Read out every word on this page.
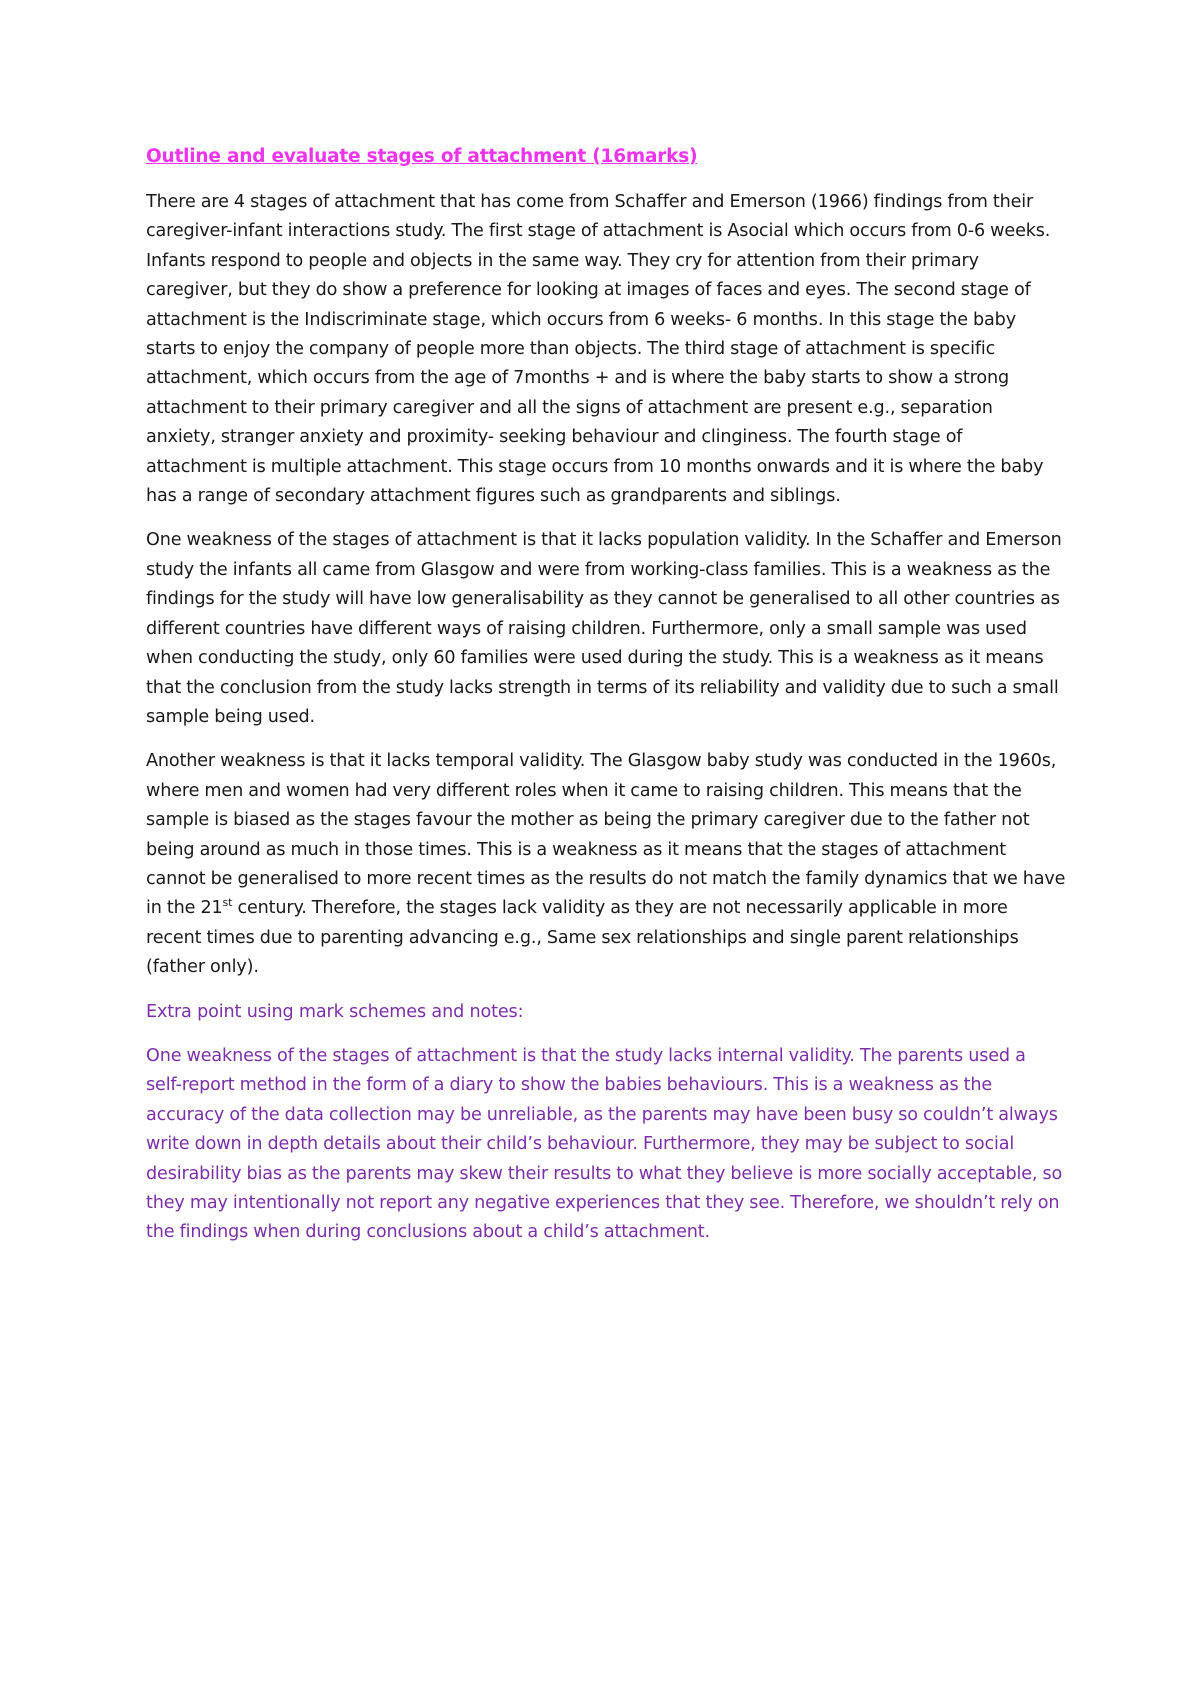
Outline and evaluate stages of attachment (16marks)

There are 4 stages of attachment that has come from Schaffer and Emerson (1966) findings from their caregiver-infant interactions study. The first stage of attachment is Asocial which occurs from 0-6 weeks. Infants respond to people and objects in the same way. They cry for attention from their primary caregiver, but they do show a preference for looking at images of faces and eyes. The second stage of attachment is the Indiscriminate stage, which occurs from 6 weeks- 6 months. In this stage the baby starts to enjoy the company of people more than objects. The third stage of attachment is specific attachment, which occurs from the age of 7months + and is where the baby starts to show a strong attachment to their primary caregiver and all the signs of attachment are present e.g., separation anxiety, stranger anxiety and proximity- seeking behaviour and clinginess. The fourth stage of attachment is multiple attachment. This stage occurs from 10 months onwards and it is where the baby has a range of secondary attachment figures such as grandparents and siblings.

One weakness of the stages of attachment is that it lacks population validity. In the Schaffer and Emerson study the infants all came from Glasgow and were from working-class families. This is a weakness as the findings for the study will have low generalisability as they cannot be generalised to all other countries as different countries have different ways of raising children. Furthermore, only a small sample was used when conducting the study, only 60 families were used during the study. This is a weakness as it means that the conclusion from the study lacks strength in terms of its reliability and validity due to such a small sample being used.

Another weakness is that it lacks temporal validity. The Glasgow baby study was conducted in the 1960s, where men and women had very different roles when it came to raising children. This means that the sample is biased as the stages favour the mother as being the primary caregiver due to the father not being around as much in those times. This is a weakness as it means that the stages of attachment cannot be generalised to more recent times as the results do not match the family dynamics that we have in the 21st century. Therefore, the stages lack validity as they are not necessarily applicable in more recent times due to parenting advancing e.g., Same sex relationships and single parent relationships (father only).

Extra point using mark schemes and notes:

One weakness of the stages of attachment is that the study lacks internal validity. The parents used a self-report method in the form of a diary to show the babies behaviours. This is a weakness as the accuracy of the data collection may be unreliable, as the parents may have been busy so couldn’t always write down in depth details about their child’s behaviour. Furthermore, they may be subject to social desirability bias as the parents may skew their results to what they believe is more socially acceptable, so they may intentionally not report any negative experiences that they see. Therefore, we shouldn’t rely on the findings when during conclusions about a child’s attachment.
